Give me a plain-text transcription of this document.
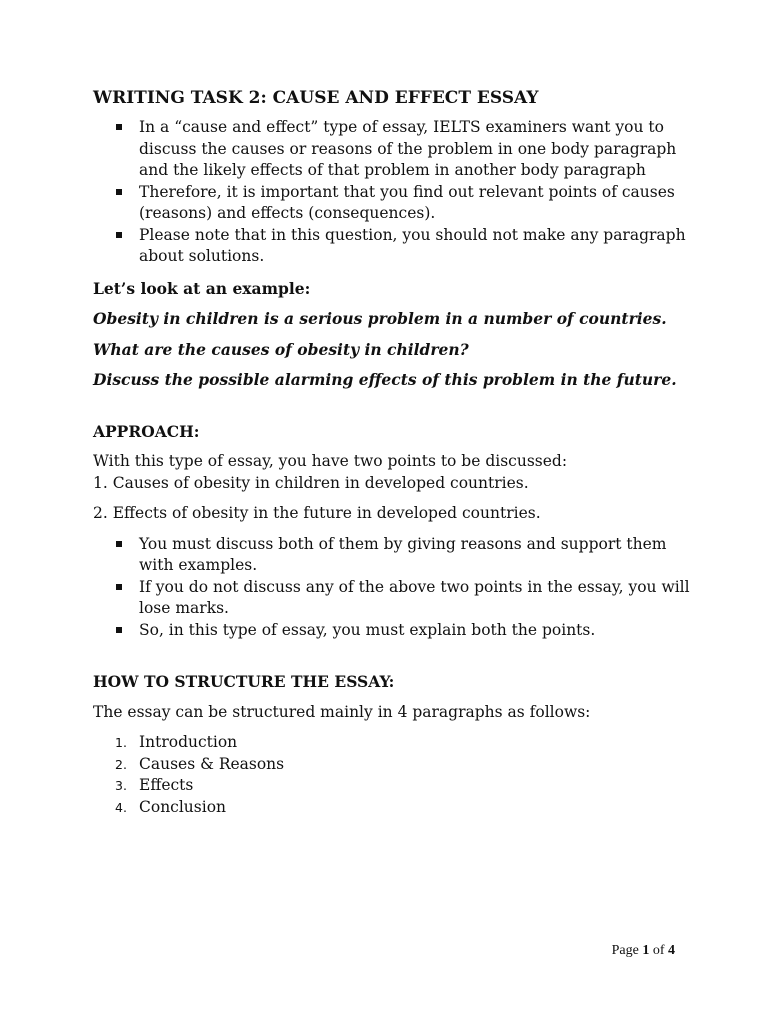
WRITING TASK 2: CAUSE AND EFFECT ESSAY
In a “cause and effect” type of essay, IELTS examiners want you to discuss the causes or reasons of the problem in one body paragraph and the likely effects of that problem in another body paragraph
Therefore, it is important that you find out relevant points of causes (reasons) and effects (consequences).
Please note that in this question, you should not make any paragraph about solutions.

Let’s look at an example:

Obesity in children is a serious problem in a number of countries.

What are the causes of obesity in children?

Discuss the possible alarming effects of this problem in the future.

APPROACH:

With this type of essay, you have two points to be discussed:

1. Causes of obesity in children in developed countries.

2. Effects of obesity in the future in developed countries.

You must discuss both of them by giving reasons and support them with examples.
If you do not discuss any of the above two points in the essay, you will lose marks.
So, in this type of essay, you must explain both the points.

HOW TO STRUCTURE THE ESSAY:

The essay can be structured mainly in 4 paragraphs as follows:

1. Introduction
2. Causes & Reasons
3. Effects
4. Conclusion
Page 1 of 4
